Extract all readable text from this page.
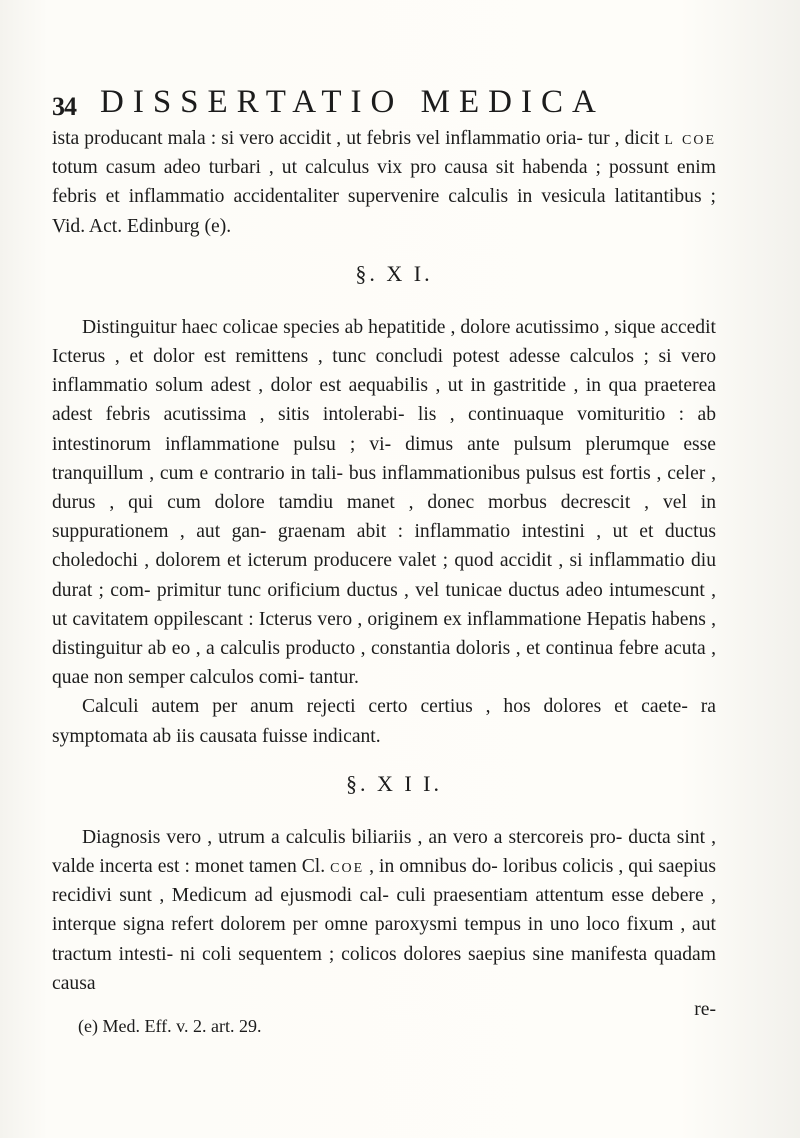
34 DISSERTATIO MEDICA

ista producant mala : si vero accidit , ut febris vel inflammatio oria- tur , dicit l coe totum casum adeo turbari , ut calculus vix pro causa sit habenda ; possunt enim febris et inflammatio accidentaliter supervenire calculis in vesicula latitantibus ; Vid. Act. Edinburg (e).

§. X I.

Distinguitur haec colicae species ab hepatitide , dolore acutissimo , sique accedit Icterus , et dolor est remittens , tunc concludi potest adesse calculos ; si vero inflammatio solum adest , dolor est aequabilis , ut in gastritide , in qua praeterea adest febris acutissima , sitis intolerabi- lis , continuaque vomituritio : ab intestinorum inflammatione pulsu ; vi- dimus ante pulsum plerumque esse tranquillum , cum e contrario in tali- bus inflammationibus pulsus est fortis , celer , durus , qui cum dolore tamdiu manet , donec morbus decrescit , vel in suppurationem , aut gan- graenam abit : inflammatio intestini , ut et ductus choledochi , dolorem et icterum producere valet ; quod accidit , si inflammatio diu durat ; com- primitur tunc orificium ductus , vel tunicae ductus adeo intumescunt , ut cavitatem oppilescant : Icterus vero , originem ex inflammatione Hepatis habens , distinguitur ab eo , a calculis producto , constantia doloris , et continua febre acuta , quae non semper calculos comi- tantur.

Calculi autem per anum rejecti certo certius , hos dolores et caete- ra symptomata ab iis causata fuisse indicant.

§. X I I.

Diagnosis vero , utrum a calculis biliariis , an vero a stercoreis pro- ducta sint , valde incerta est : monet tamen Cl. coe , in omnibus do- loribus colicis , qui saepius recidivi sunt , Medicum ad ejusmodi cal- culi praesentiam attentum esse debere , interque signa refert dolorem per omne paroxysmi tempus in uno loco fixum , aut tractum intesti- ni coli sequentem ; colicos dolores saepius sine manifesta quadam causa

re-

(e) Med. Eff. v. 2. art. 29.
